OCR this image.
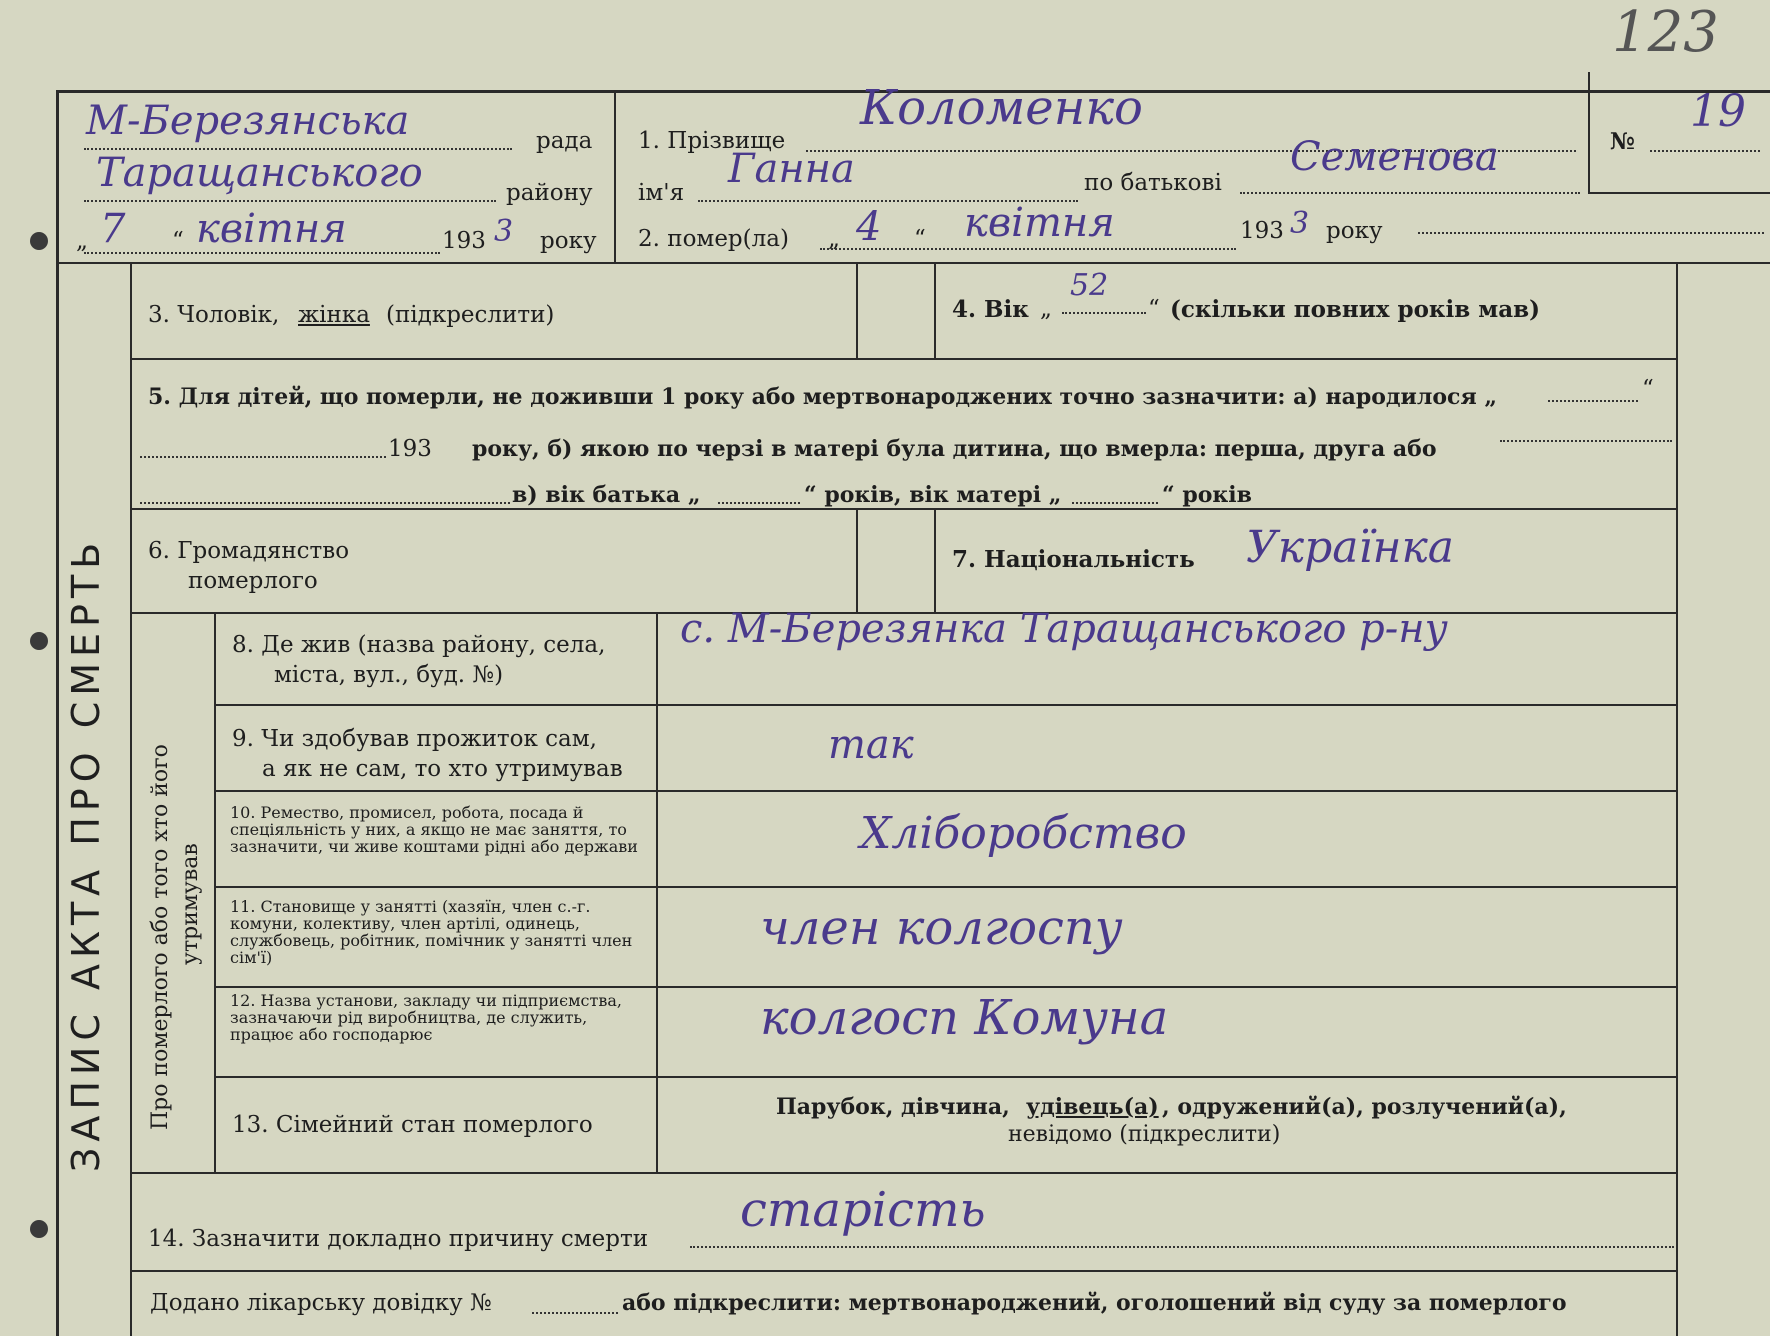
123
М-Березянська	рада
Таращанського	району
„ 7 “ квітня	193 3 року
1. Прізвище
Коломенко
ім'я
Ганна	по батькові
Семенова
2. помер(ла) „ 4 “ квітня	193 3 року
№
19
ЗАПИС АКТА ПРО СМЕРТЬ Про померлого або того хто його утримував
3. Чоловік, жінка (підкреслити)	4. Вік „
52
“ (скільки повних років мав)
5. Для дітей, що померли, не доживши 1 року або мертвонароджених точно зазначити: а) народилося „	“
193 року, б) якою по черзі в матері була дитина, що вмерла: перша, друга або
в) вік батька „	“ років, вік матері „	“ років
6. Громадянство
померлого
7. Національність Українка
8. Де жив (назва району, села,
міста, вул., буд. №)
с. М-Березянка Таращанського р-ну
9. Чи здобував прожиток сам,
а як не сам, то хто утримував
так
10. Ремество, промисел, робота, посада й спеціяльність у них, а якщо не має заняття, то зазначити, чи живе коштами рідні або держави	Хліборобство
11. Становище у занятті (хазяїн, член с.-г. комуни, колективу, член артілі, одинець, службовець, робітник, помічник у занятті член сім'ї)
член колгоспу
12. Назва установи, закладу чи підприємства, зазначаючи рід виробництва, де служить, працює або господарює	колгосп Комуна
13. Сімейний стан померлого
Парубок, дівчина, удівець(а) , одружений(а), розлучений(а),
невідомо (підкреслити)
14. Зазначити докладно причину смерти
старість
Додано лікарську довідку №	або підкреслити: мертвонароджений, оголошений від суду за померлого
